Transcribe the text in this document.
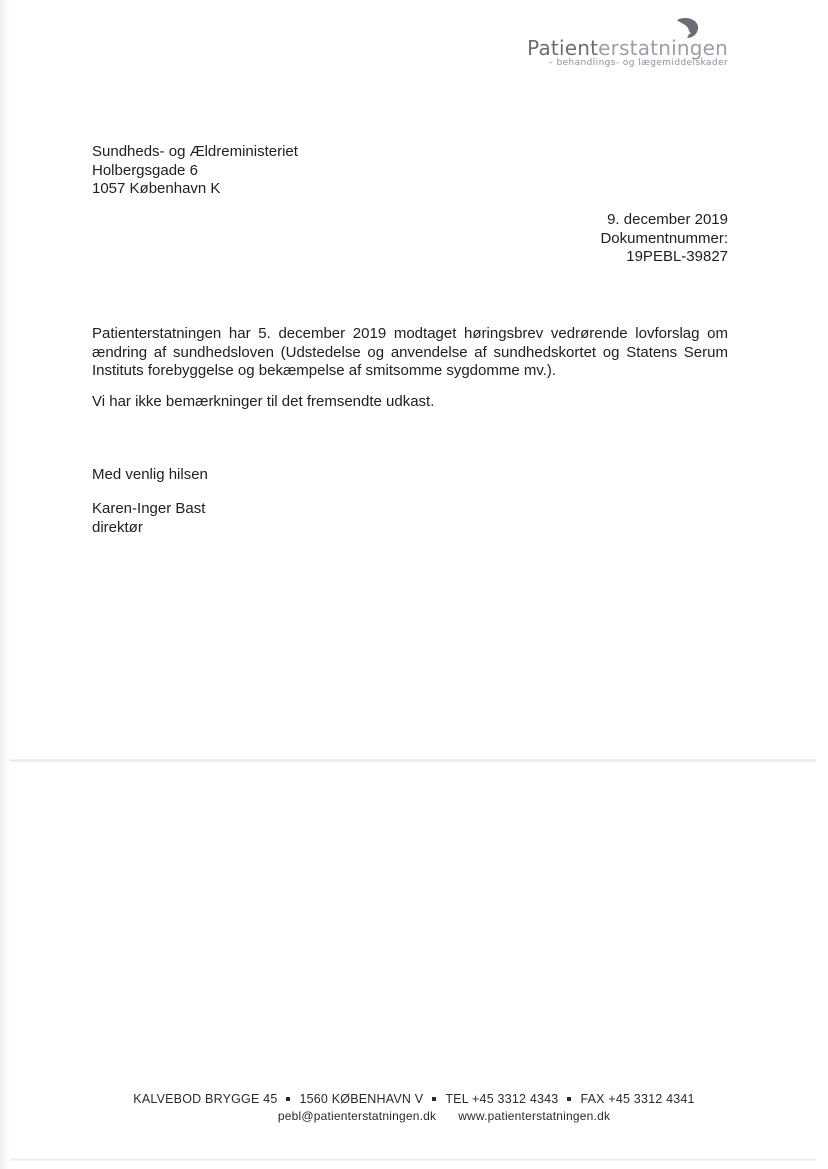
Patienterstatningen
– behandlings- og lægemiddelskader
Sundheds- og Ældreministeriet
Holbergsgade 6
1057 København K
9. december 2019
Dokumentnummer:
19PEBL-39827

Patienterstatningen har 5. december 2019 modtaget høringsbrev vedrørende lovforslag om ændring af sundhedsloven (Udstedelse og anvendelse af sundhedskortet og Statens Serum Instituts forebyggelse og bekæmpelse af smitsomme sygdomme mv.).

Vi har ikke bemærkninger til det fremsendte udkast.

Med venlig hilsen
Karen-Inger Bast
direktør
KALVEBOD BRYGGE 45 1560 KØBENHAVN V TEL +45 3312 4343 FAX +45 3312 4341
pebl@patienterstatningen.dk www.patienterstatningen.dk
